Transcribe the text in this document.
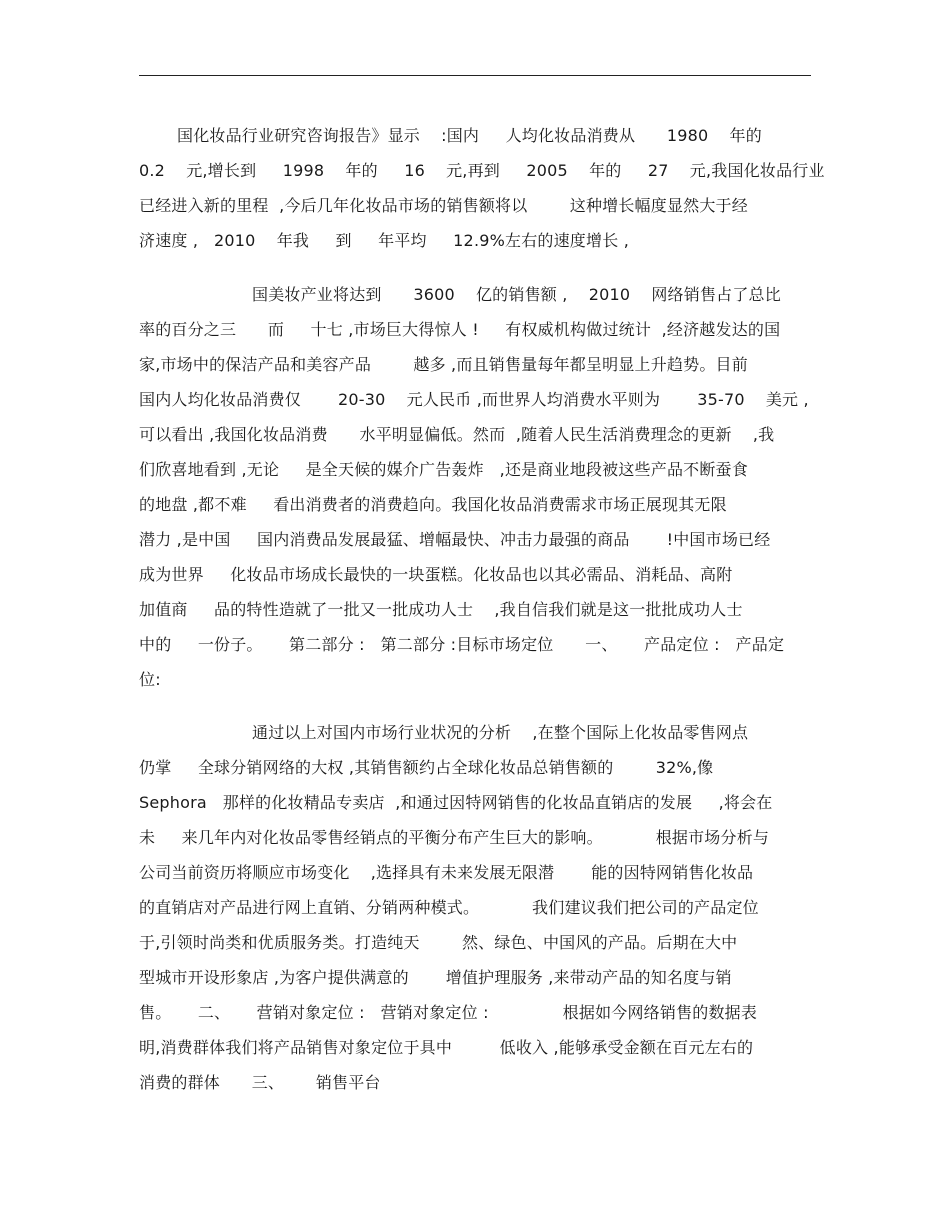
国化妆品行业研究咨询报告》显示    :国内     人均化妆品消费从      1980    年的
0.2    元,增长到     1998    年的     16    元,再到     2005    年的     27    元,我国化妆品行业
已经进入新的里程  ,今后几年化妆品市场的销售额将以        这种增长幅度显然大于经
济速度 ,   2010    年我     到     年平均     12.9%左右的速度增长 ,
国美妆产业将达到      3600    亿的销售额 ,    2010    网络销售占了总比
率的百分之三      而     十七 ,市场巨大得惊人 !     有权威机构做过统计  ,经济越发达的国
家,市场中的保洁产品和美容产品        越多 ,而且销售量每年都呈明显上升趋势。目前
国内人均化妆品消费仅       20-30    元人民币 ,而世界人均消费水平则为       35-70    美元 ,
可以看出 ,我国化妆品消费      水平明显偏低。然而  ,随着人民生活消费理念的更新    ,我
们欣喜地看到 ,无论     是全天候的媒介广告轰炸   ,还是商业地段被这些产品不断蚕食
的地盘 ,都不难     看出消费者的消费趋向。我国化妆品消费需求市场正展现其无限
潜力 ,是中国     国内消费品发展最猛、增幅最快、冲击力最强的商品       !中国市场已经
成为世界     化妆品市场成长最快的一块蛋糕。化妆品也以其必需品、消耗品、高附
加值商     品的特性造就了一批又一批成功人士    ,我自信我们就是这一批批成功人士
中的     一份子。     第二部分 :   第二部分 :目标市场定位      一、     产品定位 :   产品定
位:
通过以上对国内市场行业状况的分析    ,在整个国际上化妆品零售网点
仍掌     全球分销网络的大权 ,其销售额约占全球化妆品总销售额的        32%,像
Sephora   那样的化妆精品专卖店  ,和通过因特网销售的化妆品直销店的发展     ,将会在
未     来几年内对化妆品零售经销点的平衡分布产生巨大的影响。          根据市场分析与
公司当前资历将顺应市场变化    ,选择具有未来发展无限潜       能的因特网销售化妆品
的直销店对产品进行网上直销、分销两种模式。          我们建议我们把公司的产品定位
于,引领时尚类和优质服务类。打造纯天        然、绿色、中国风的产品。后期在大中
型城市开设形象店 ,为客户提供满意的       增值护理服务 ,来带动产品的知名度与销
售。     二、     营销对象定位 :   营销对象定位 :              根据如今网络销售的数据表
明,消费群体我们将产品销售对象定位于具中         低收入 ,能够承受金额在百元左右的
消费的群体      三、      销售平台
